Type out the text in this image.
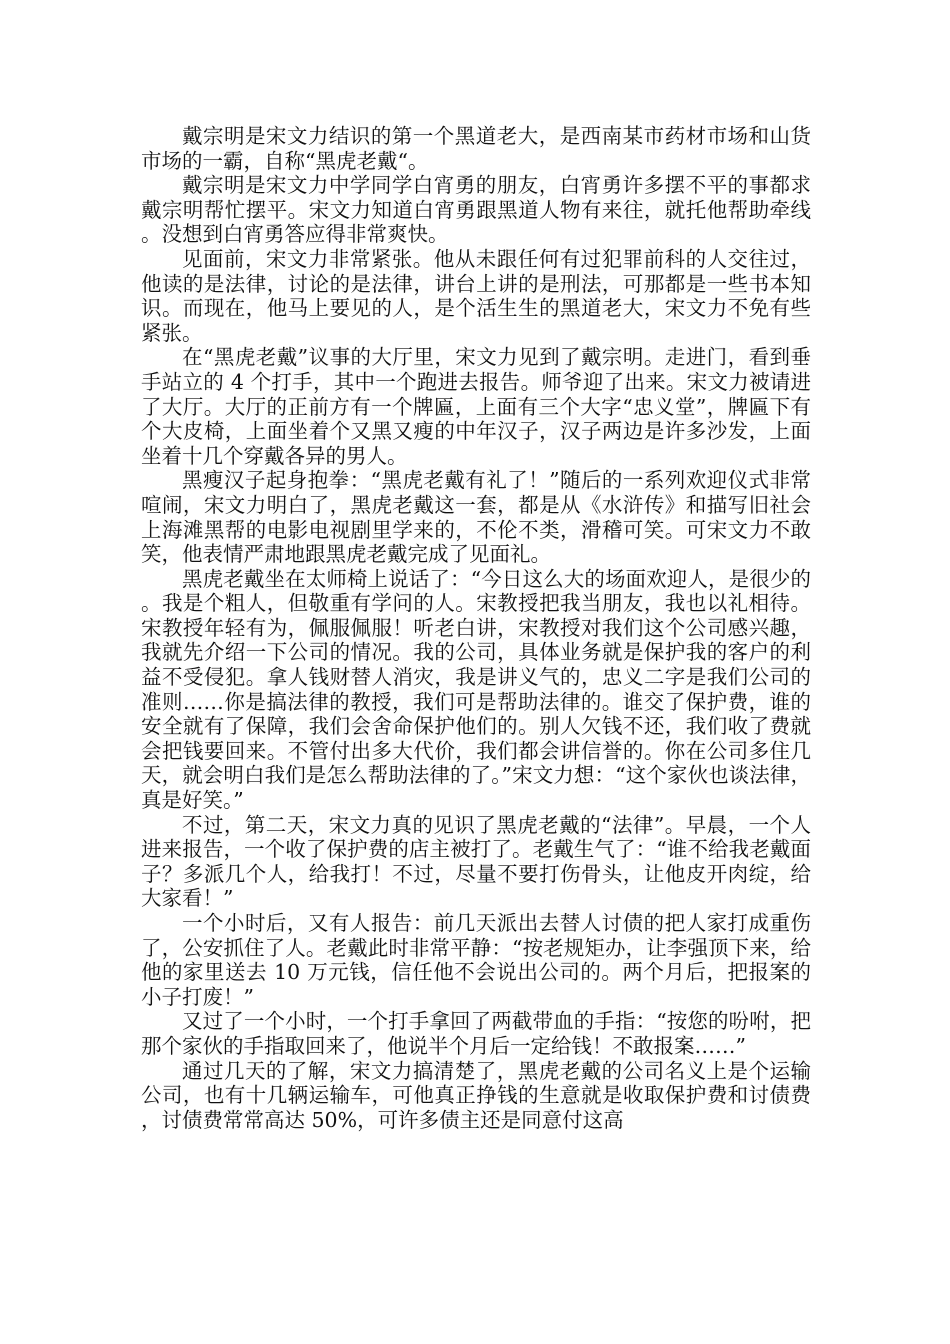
戴宗明是宋文力结识的第一个黑道老大，是西南某市药材市场和山货市场的一霸，自称“黑虎老戴“。

戴宗明是宋文力中学同学白宵勇的朋友，白宵勇许多摆不平的事都求戴宗明帮忙摆平。宋文力知道白宵勇跟黑道人物有来往，就托他帮助牵线。没想到白宵勇答应得非常爽快。

见面前，宋文力非常紧张。他从未跟任何有过犯罪前科的人交往过，他读的是法律，讨论的是法律，讲台上讲的是刑法，可那都是一些书本知识。而现在，他马上要见的人，是个活生生的黑道老大，宋文力不免有些紧张。

在“黑虎老戴”议事的大厅里，宋文力见到了戴宗明。走进门，看到垂手站立的 4 个打手，其中一个跑进去报告。师爷迎了出来。宋文力被请进了大厅。大厅的正前方有一个牌匾，上面有三个大字“忠义堂”，牌匾下有个大皮椅，上面坐着个又黑又瘦的中年汉子，汉子两边是许多沙发，上面坐着十几个穿戴各异的男人。

黑瘦汉子起身抱拳：“黑虎老戴有礼了！”随后的一系列欢迎仪式非常喧闹，宋文力明白了，黑虎老戴这一套，都是从《水浒传》和描写旧社会上海滩黑帮的电影电视剧里学来的，不伦不类，滑稽可笑。可宋文力不敢笑，他表情严肃地跟黑虎老戴完成了见面礼。

黑虎老戴坐在太师椅上说话了：“今日这么大的场面欢迎人，是很少的。我是个粗人，但敬重有学问的人。宋教授把我当朋友，我也以礼相待。宋教授年轻有为，佩服佩服！听老白讲，宋教授对我们这个公司感兴趣，我就先介绍一下公司的情况。我的公司，具体业务就是保护我的客户的利益不受侵犯。拿人钱财替人消灾，我是讲义气的，忠义二字是我们公司的准则……你是搞法律的教授，我们可是帮助法律的。谁交了保护费，谁的安全就有了保障，我们会舍命保护他们的。别人欠钱不还，我们收了费就会把钱要回来。不管付出多大代价，我们都会讲信誉的。你在公司多住几天，就会明白我们是怎么帮助法律的了。”宋文力想：“这个家伙也谈法律，真是好笑。”

不过，第二天，宋文力真的见识了黑虎老戴的“法律”。早晨，一个人进来报告，一个收了保护费的店主被打了。老戴生气了：“谁不给我老戴面子？多派几个人，给我打！不过，尽量不要打伤骨头，让他皮开肉绽，给大家看！”

一个小时后，又有人报告：前几天派出去替人讨债的把人家打成重伤了，公安抓住了人。老戴此时非常平静：“按老规矩办，让李强顶下来，给他的家里送去 10 万元钱，信任他不会说出公司的。两个月后，把报案的小子打废！”

又过了一个小时，一个打手拿回了两截带血的手指：“按您的吩咐，把那个家伙的手指取回来了，他说半个月后一定给钱！不敢报案……”

通过几天的了解，宋文力搞清楚了，黑虎老戴的公司名义上是个运输公司，也有十几辆运输车，可他真正挣钱的生意就是收取保护费和讨债费，讨债费常常高达 50%，可许多债主还是同意付这高
